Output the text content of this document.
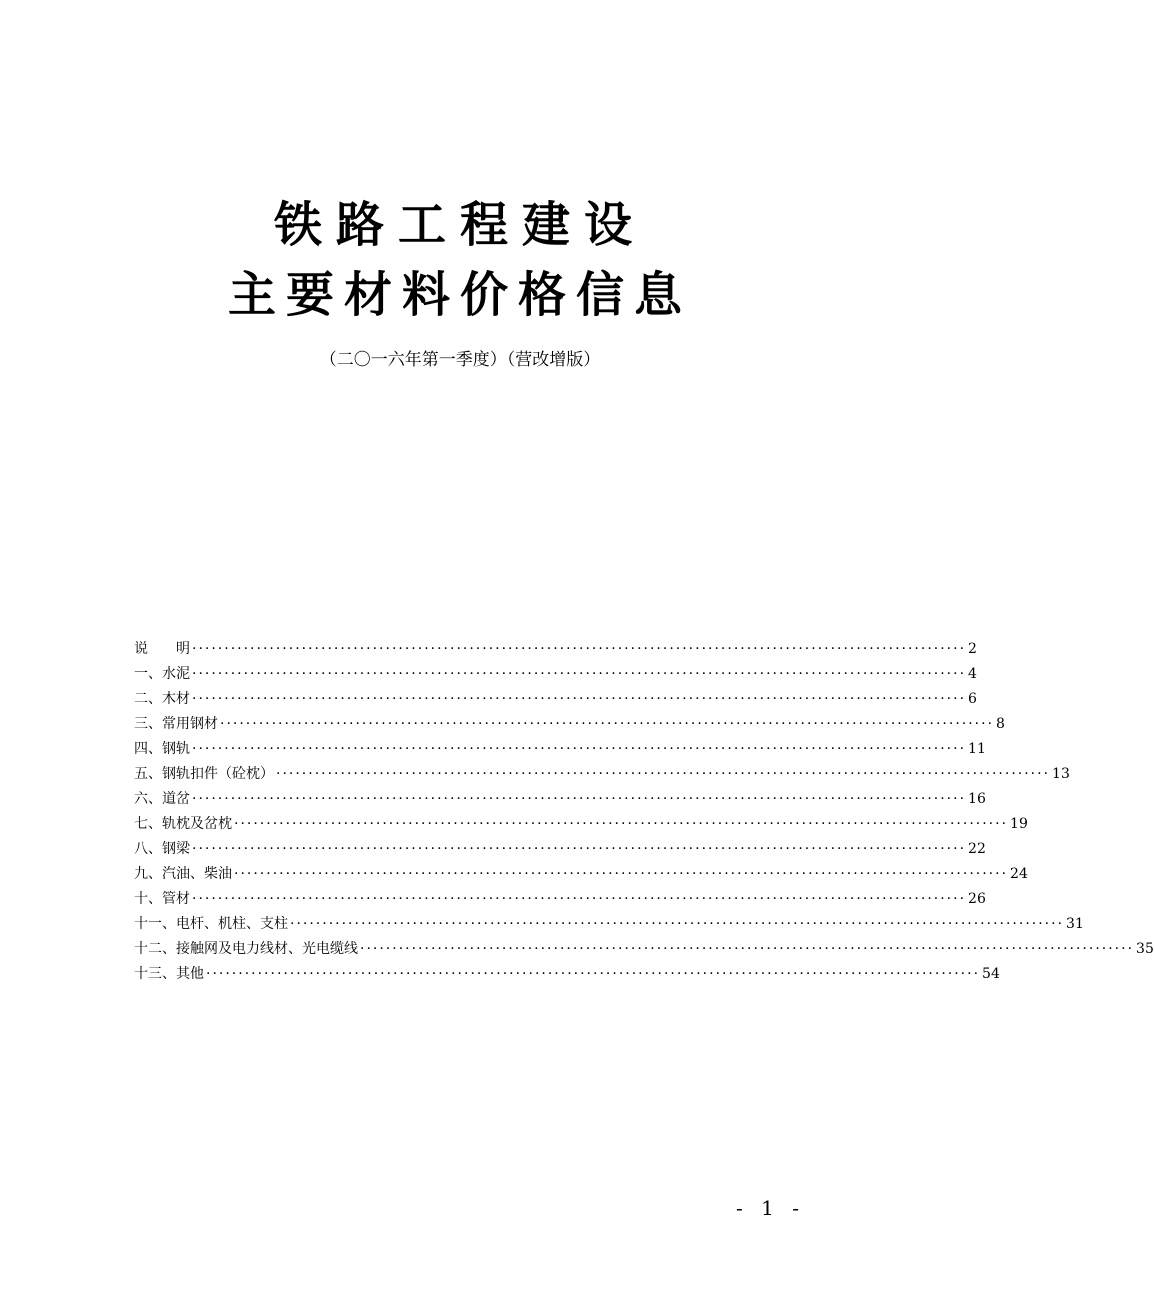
铁路工程建设
主要材料价格信息
（二〇一六年第一季度）（营改增版）
说　　明 ························································································································ 2
一、水泥 ························································································································ 4
二、木材 ························································································································ 6
三、常用钢材 ························································································································ 8
四、钢轨 ························································································································ 11
五、钢轨扣件（砼枕） ························································································································ 13
六、道岔 ························································································································ 16
七、轨枕及岔枕 ························································································································ 19
八、钢梁 ························································································································ 22
九、汽油、柴油 ························································································································ 24
十、管材 ························································································································ 26
十一、电杆、机柱、支柱 ························································································································ 31
十二、接触网及电力线材、光电缆线 ························································································································ 35
十三、其他 ························································································································ 54
- 1 -
